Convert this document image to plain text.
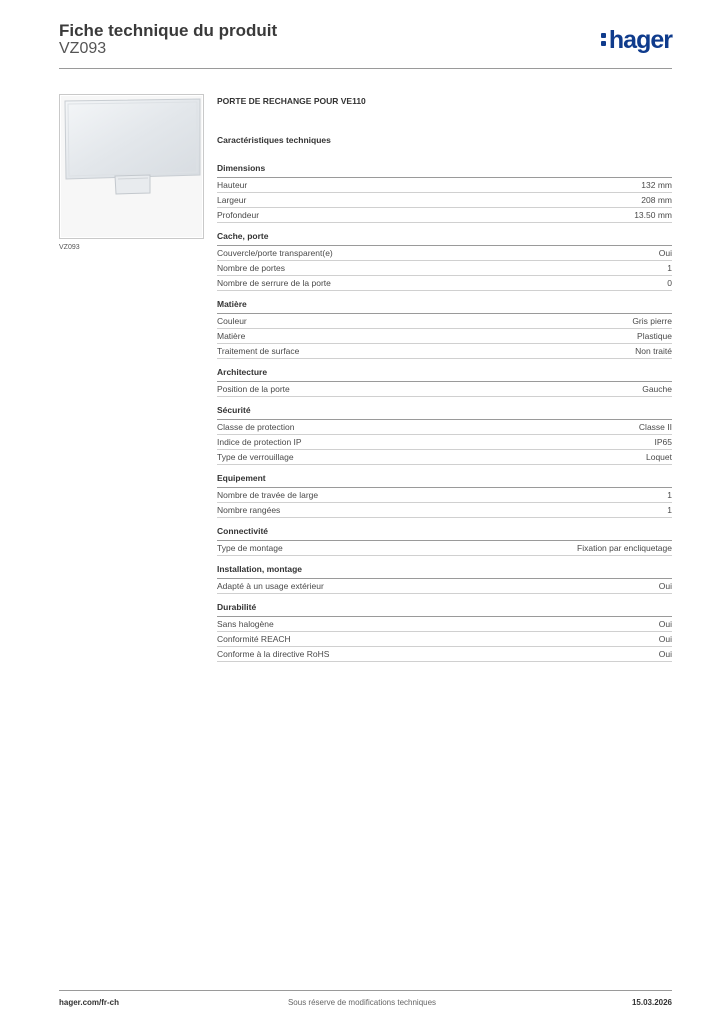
Fiche technique du produit
VZ093	hager
VZ093
PORTE DE RECHANGE POUR VE110
Caractéristiques techniques
Dimensions
Hauteur	132 mm
Largeur	208 mm
Profondeur	13.50 mm
Cache, porte
Couvercle/porte transparent(e)	Oui
Nombre de portes	1
Nombre de serrure de la porte	0
Matière
Couleur	Gris pierre
Matière	Plastique
Traitement de surface	Non traité
Architecture
Position de la porte	Gauche
Sécurité
Classe de protection	Classe II
Indice de protection IP	IP65
Type de verrouillage	Loquet
Equipement
Nombre de travée de large	1
Nombre rangées	1
Connectivité
Type de montage	Fixation par encliquetage
Installation, montage
Adapté à un usage extérieur	Oui
Durabilité
Sans halogène	Oui
Conformité REACH	Oui
Conforme à la directive RoHS	Oui
hager.com/fr-ch	Sous réserve de modifications techniques	15.03.2026
